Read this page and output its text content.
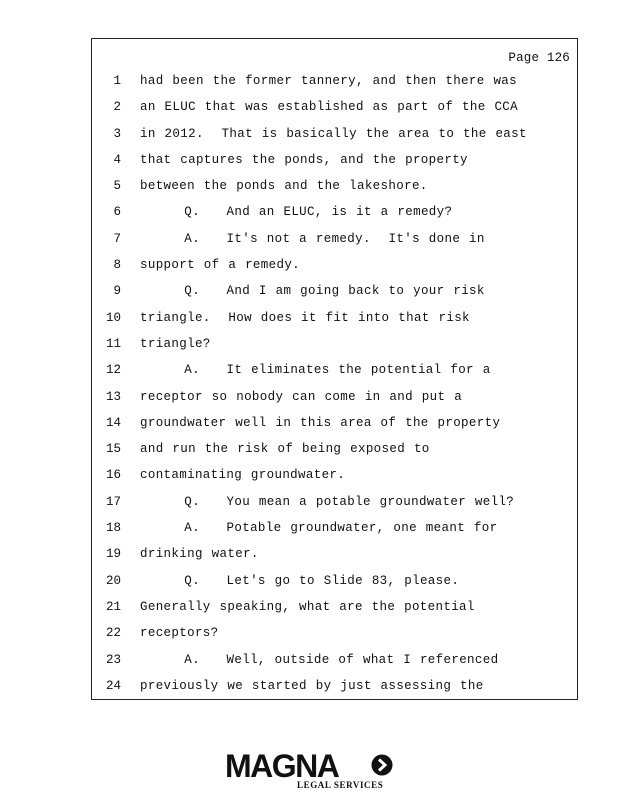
Page 126
1 had been the former tannery, and then there was
2 an ELUC that was established as part of the CCA
3 in 2012.  That is basically the area to the east
4 that captures the ponds, and the property
5 between the ponds and the lakeshore.
6 Q.   And an ELUC, is it a remedy?
7 A.   It's not a remedy.  It's done in
8 support of a remedy.
9 Q.   And I am going back to your risk
10 triangle.  How does it fit into that risk
11 triangle?
12 A.   It eliminates the potential for a
13 receptor so nobody can come in and put a
14 groundwater well in this area of the property
15 and run the risk of being exposed to
16 contaminating groundwater.
17 Q.   You mean a potable groundwater well?
18 A.   Potable groundwater, one meant for
19 drinking water.
20 Q.   Let's go to Slide 83, please.
21 Generally speaking, what are the potential
22 receptors?
23 A.   Well, outside of what I referenced
24 previously we started by just assessing the
MAGNA
LEGAL SERVICES
